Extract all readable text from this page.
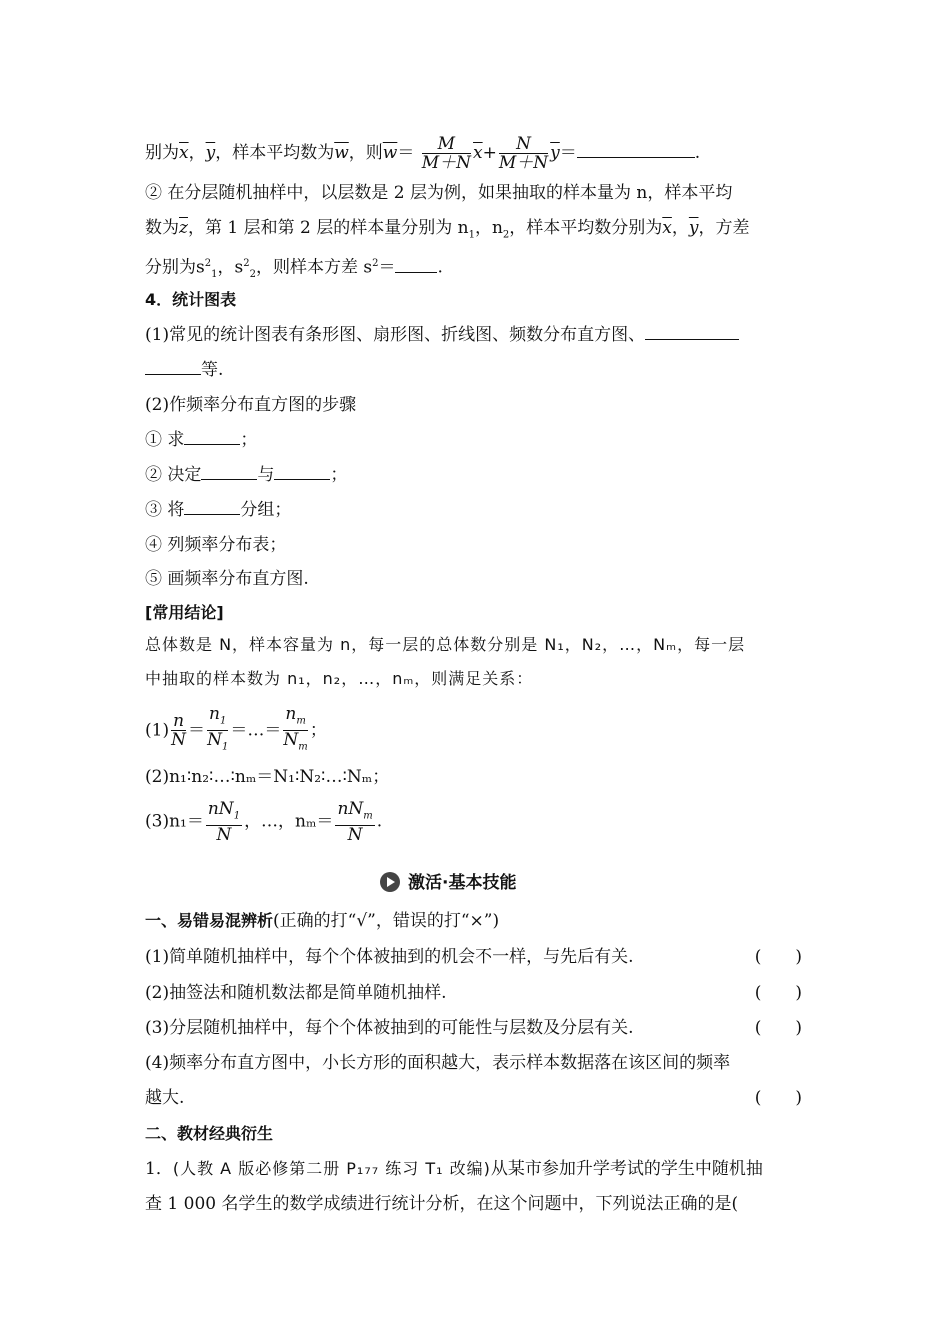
别为$\overline{x}$，$\overline{y}$，样本平均数为$\overline{w}$，则$\overline{w}= \frac{M}{M+N} \overline{x}+ \frac{N}{M+N} \overline{y}=$	.
② 在分层随机抽样中，以层数是 2 层为例，如果抽取的样本量为 n，样本平均
数为$\overline{z}$，第 1 层和第 2 层的样本量分别为 $n_1$，$n_2$，样本平均数分别为$\overline{x}$，$\overline{y}$，方差
分别为$s^2_1$，$s^2_2$，则样本方差 $s^2=$ .
4．统计图表
(1)常见的统计图表有条形图、扇形图、折线图、频数分布直方图、
等.
(2)作频率分布直方图的步骤
① 求	；
② 决定	与	；
③ 将	分组；
④ 列频率分布表；
⑤ 画频率分布直方图.
[常用结论]
总体数是 N，样本容量为 n，每一层的总体数分别是 N₁，N₂，…，Nₘ，每一层
中抽取的样本数为 n₁，n₂，…，nₘ，则满足关系：
$(1) \frac{n}{N} = \frac{n_1}{N_1}$ ＝…＝ $\frac{n_m}{N_m}$ ；
(2)n₁∶n₂∶…∶nₘ＝N₁∶N₂∶…∶Nₘ；
$(3)n_1= \frac{nN_1}{N}$ ，…，$n_m= \frac{nN_m}{N}$ .
激活·基本技能
一、易错易混辨析(正确的打“√”，错误的打“×”)
(1)简单随机抽样中，每个个体被抽到的机会不一样，与先后有关.	(　　)
(2)抽签法和随机数法都是简单随机抽样.	(　　)
(3)分层随机抽样中，每个个体被抽到的可能性与层数及分层有关.	(　　)
(4)频率分布直方图中，小长方形的面积越大，表示样本数据落在该区间的频率
越大.	(　　)
二、教材经典衍生
1．(人教 A 版必修第二册 P₁₇₇ 练习 T₁ 改编)从某市参加升学考试的学生中随机抽
查 1 000 名学生的数学成绩进行统计分析，在这个问题中，下列说法正确的是(
